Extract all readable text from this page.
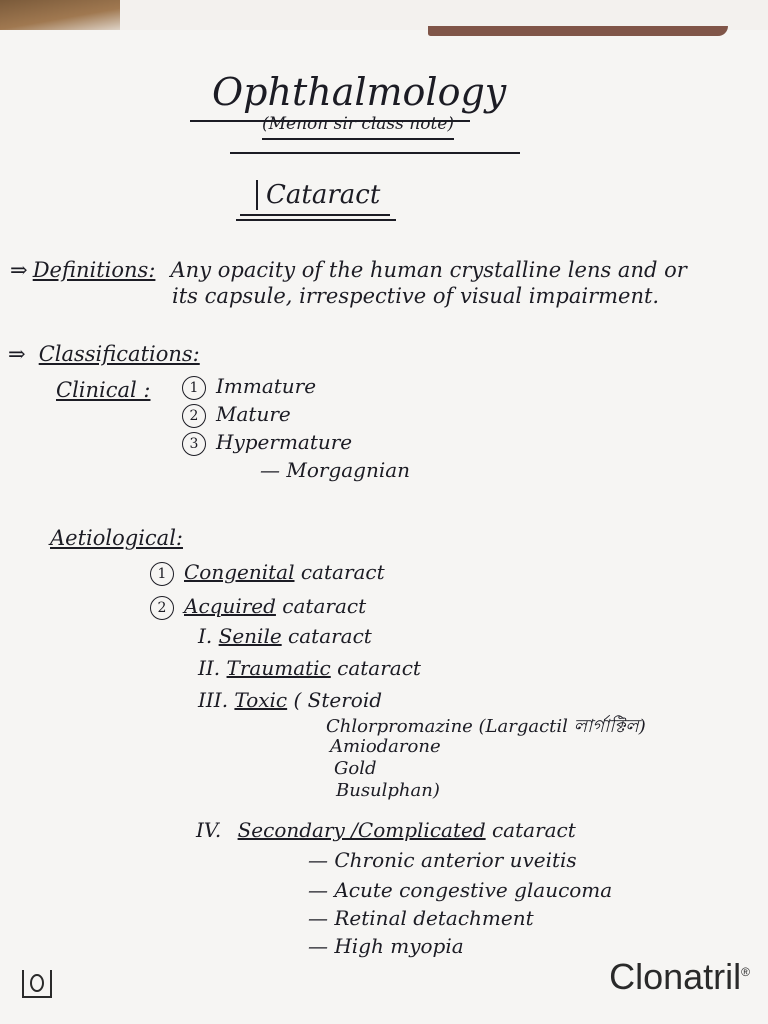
Ophthalmology
(Menon sir class note)
Cataract
⇒ Definitions: Any opacity of the human crystalline lens and or
its capsule, irrespective of visual impairment.
⇒ Classifications:
Clinical :	1 Immature
2 Mature
3 Hypermature
— Morgagnian
Aetiological:
1 Congenital cataract
2 Acquired cataract
I. Senile cataract
II. Traumatic cataract
III. Toxic ( Steroid
Chlorpromazine (Largactil লার্গাক্টিল)
Amiodarone
Gold
Busulphan)
IV. Secondary /Complicated cataract
— Chronic anterior uveitis
— Acute congestive glaucoma
— Retinal detachment
— High myopia
Clonatril®
